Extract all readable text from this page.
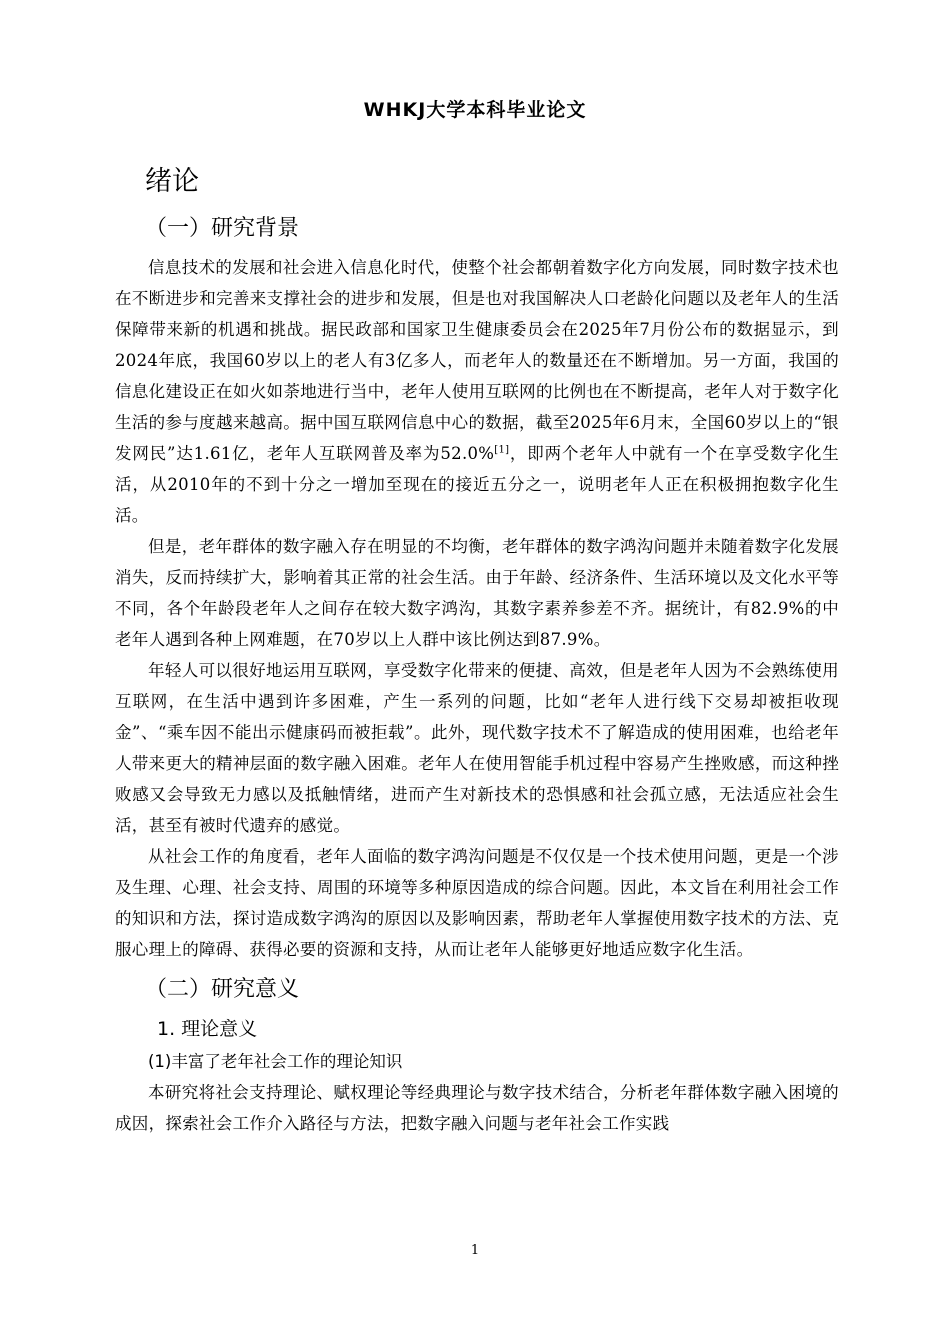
WHKJ大学本科毕业论文
绪论
（一）研究背景

信息技术的发展和社会进入信息化时代，使整个社会都朝着数字化方向发展，同时数字技术也在不断进步和完善来支撑社会的进步和发展，但是也对我国解决人口老龄化问题以及老年人的生活保障带来新的机遇和挑战。据民政部和国家卫生健康委员会在2025年7月份公布的数据显示，到2024年底，我国60岁以上的老人有3亿多人，而老年人的数量还在不断增加。另一方面，我国的信息化建设正在如火如荼地进行当中，老年人使用互联网的比例也在不断提高，老年人对于数字化生活的参与度越来越高。据中国互联网信息中心的数据，截至2025年6月末，全国60岁以上的“银发网民”达1.61亿，老年人互联网普及率为52.0%[1]，即两个老年人中就有一个在享受数字化生活，从2010年的不到十分之一增加至现在的接近五分之一，说明老年人正在积极拥抱数字化生活。

但是，老年群体的数字融入存在明显的不均衡，老年群体的数字鸿沟问题并未随着数字化发展消失，反而持续扩大，影响着其正常的社会生活。由于年龄、经济条件、生活环境以及文化水平等不同，各个年龄段老年人之间存在较大数字鸿沟，其数字素养参差不齐。据统计，有82.9%的中老年人遇到各种上网难题，在70岁以上人群中该比例达到87.9%。

年轻人可以很好地运用互联网，享受数字化带来的便捷、高效，但是老年人因为不会熟练使用互联网，在生活中遇到许多困难，产生一系列的问题，比如“老年人进行线下交易却被拒收现金”、“乘车因不能出示健康码而被拒载”。此外，现代数字技术不了解造成的使用困难，也给老年人带来更大的精神层面的数字融入困难。老年人在使用智能手机过程中容易产生挫败感，而这种挫败感又会导致无力感以及抵触情绪，进而产生对新技术的恐惧感和社会孤立感，无法适应社会生活，甚至有被时代遗弃的感觉。

从社会工作的角度看，老年人面临的数字鸿沟问题是不仅仅是一个技术使用问题，更是一个涉及生理、心理、社会支持、周围的环境等多种原因造成的综合问题。因此，本文旨在利用社会工作的知识和方法，探讨造成数字鸿沟的原因以及影响因素，帮助老年人掌握使用数字技术的方法、克服心理上的障碍、获得必要的资源和支持，从而让老年人能够更好地适应数字化生活。

（二）研究意义
1. 理论意义
(1)丰富了老年社会工作的理论知识

本研究将社会支持理论、赋权理论等经典理论与数字技术结合，分析老年群体数字融入困境的成因，探索社会工作介入路径与方法，把数字融入问题与老年社会工作实践

1
